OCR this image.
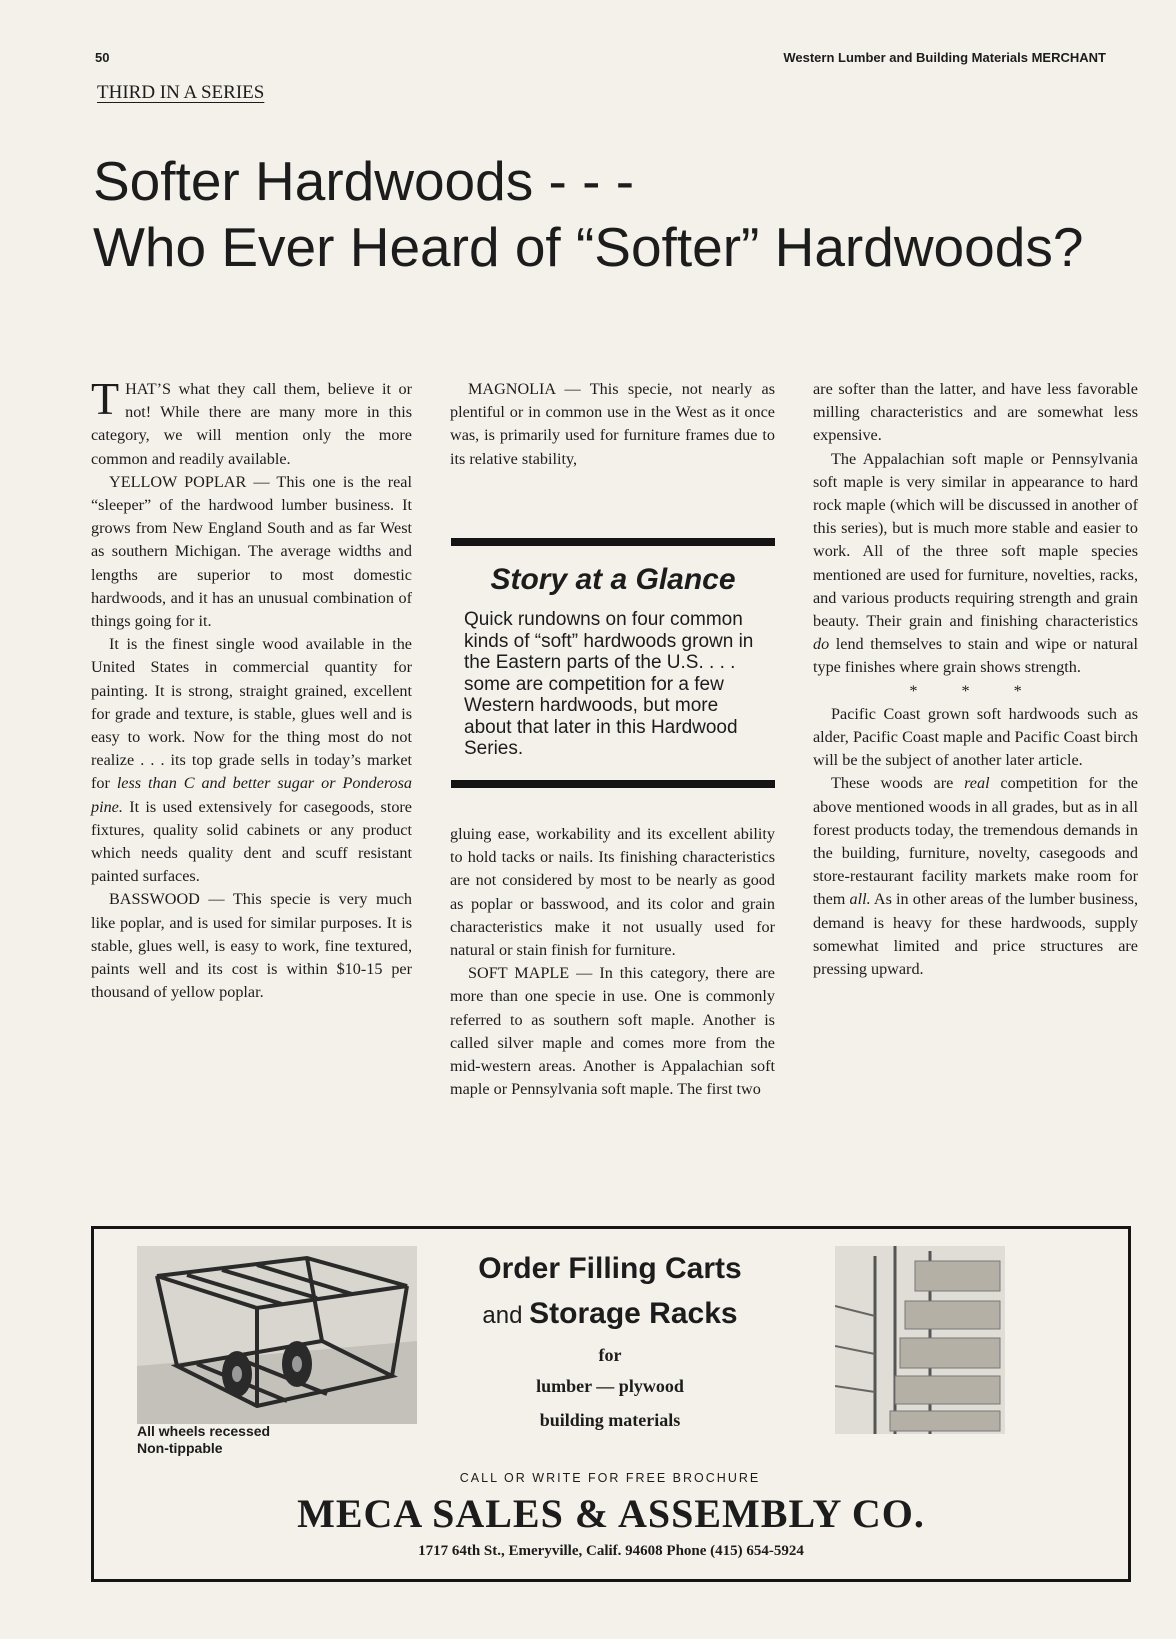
50	Western Lumber and Building Materials MERCHANT
THIRD IN A SERIES
Softer Hardwoods - - -
Who Ever Heard of “Softer” Hardwoods?

THAT’S what they call them, believe it or not! While there are many more in this category, we will mention only the more common and readily available.

YELLOW POPLAR — This one is the real “sleeper” of the hardwood lumber business. It grows from New England South and as far West as southern Michigan. The average widths and lengths are superior to most domestic hardwoods, and it has an unusual combination of things going for it.

It is the finest single wood available in the United States in commercial quantity for painting. It is strong, straight grained, excellent for grade and texture, is stable, glues well and is easy to work. Now for the thing most do not realize . . . its top grade sells in today’s market for less than C and better sugar or Ponderosa pine. It is used extensively for casegoods, store fixtures, quality solid cabinets or any product which needs quality dent and scuff resistant painted surfaces.

BASSWOOD — This specie is very much like poplar, and is used for similar purposes. It is stable, glues well, is easy to work, fine textured, paints well and its cost is within $10-15 per thousand of yellow poplar.

MAGNOLIA — This specie, not nearly as plentiful or in common use in the West as it once was, is primarily used for furniture frames due to its relative stability,

Story at a Glance
Quick rundowns on four common kinds of “soft” hardwoods grown in the Eastern parts of the U.S. . . . some are competition for a few Western hardwoods, but more about that later in this Hardwood Series.

gluing ease, workability and its excellent ability to hold tacks or nails. Its finishing characteristics are not considered by most to be nearly as good as poplar or basswood, and its color and grain characteristics make it not usually used for natural or stain finish for furniture.

SOFT MAPLE — In this category, there are more than one specie in use. One is commonly referred to as southern soft maple. Another is called silver maple and comes more from the mid-western areas. Another is Appalachian soft maple or Pennsylvania soft maple. The first two

are softer than the latter, and have less favorable milling characteristics and are somewhat less expensive.

The Appalachian soft maple or Pennsylvania soft maple is very similar in appearance to hard rock maple (which will be discussed in another of this series), but is much more stable and easier to work. All of the three soft maple species mentioned are used for furniture, novelties, racks, and various products requiring strength and grain beauty. Their grain and finishing characteristics do lend themselves to stain and wipe or natural type finishes where grain shows strength.

* * *

Pacific Coast grown soft hardwoods such as alder, Pacific Coast maple and Pacific Coast birch will be the subject of another later article.

These woods are real competition for the above mentioned woods in all grades, but as in all forest products today, the tremendous demands in the building, furniture, novelty, casegoods and store-restaurant facility markets make room for them all. As in other areas of the lumber business, demand is heavy for these hardwoods, supply somewhat limited and price structures are pressing upward.

All wheels recessed
Non-tippable
Order Filling Carts
and Storage Racks
for
lumber — plywood
building materials
CALL OR WRITE FOR FREE BROCHURE
MECA SALES & ASSEMBLY CO.
1717 64th St., Emeryville, Calif. 94608 Phone (415) 654-5924
